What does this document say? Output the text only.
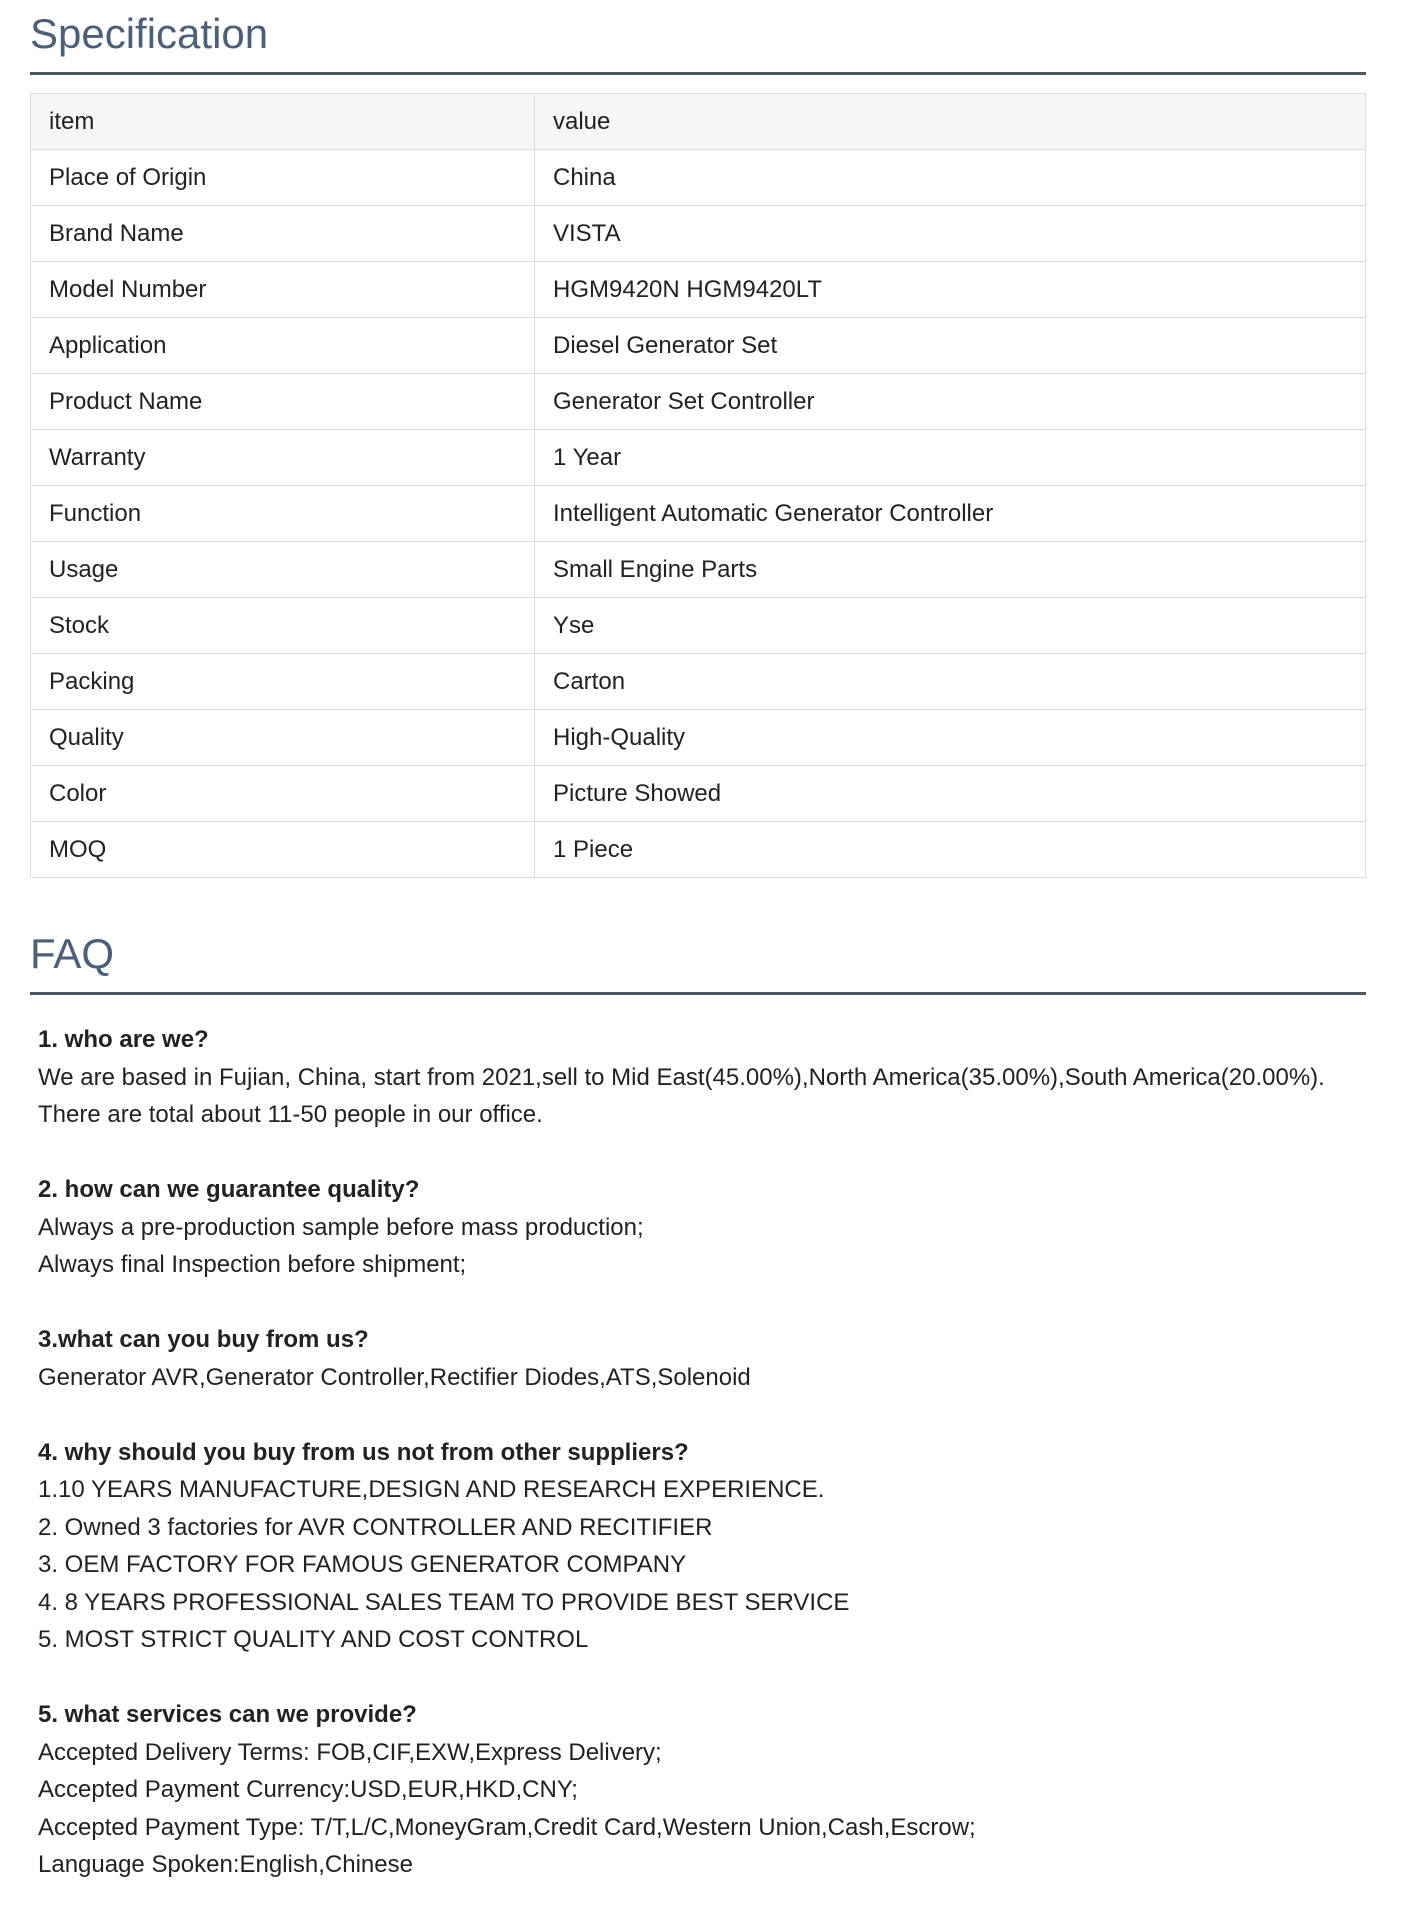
Specification
item	value
Place of Origin	China
Brand Name	VISTA
Model Number	HGM9420N HGM9420LT
Application	Diesel Generator Set
Product Name	Generator Set Controller
Warranty	1 Year
Function	Intelligent Automatic Generator Controller
Usage	Small Engine Parts
Stock	Yse
Packing	Carton
Quality	High-Quality
Color	Picture Showed
MOQ	1 Piece
FAQ
1. who are we?
We are based in Fujian, China, start from 2021,sell to Mid East(45.00%),North America(35.00%),South America(20.00%).
There are total about 11-50 people in our office.
2. how can we guarantee quality?
Always a pre-production sample before mass production;
Always final Inspection before shipment;
3.what can you buy from us?
Generator AVR,Generator Controller,Rectifier Diodes,ATS,Solenoid
4. why should you buy from us not from other suppliers?
1.10 YEARS MANUFACTURE,DESIGN AND RESEARCH EXPERIENCE.
2. Owned 3 factories for AVR CONTROLLER AND RECITIFIER
3. OEM FACTORY FOR FAMOUS GENERATOR COMPANY
4. 8 YEARS PROFESSIONAL SALES TEAM TO PROVIDE BEST SERVICE
5. MOST STRICT QUALITY AND COST CONTROL
5. what services can we provide?
Accepted Delivery Terms: FOB,CIF,EXW,Express Delivery;
Accepted Payment Currency:USD,EUR,HKD,CNY;
Accepted Payment Type: T/T,L/C,MoneyGram,Credit Card,Western Union,Cash,Escrow;
Language Spoken:English,Chinese
